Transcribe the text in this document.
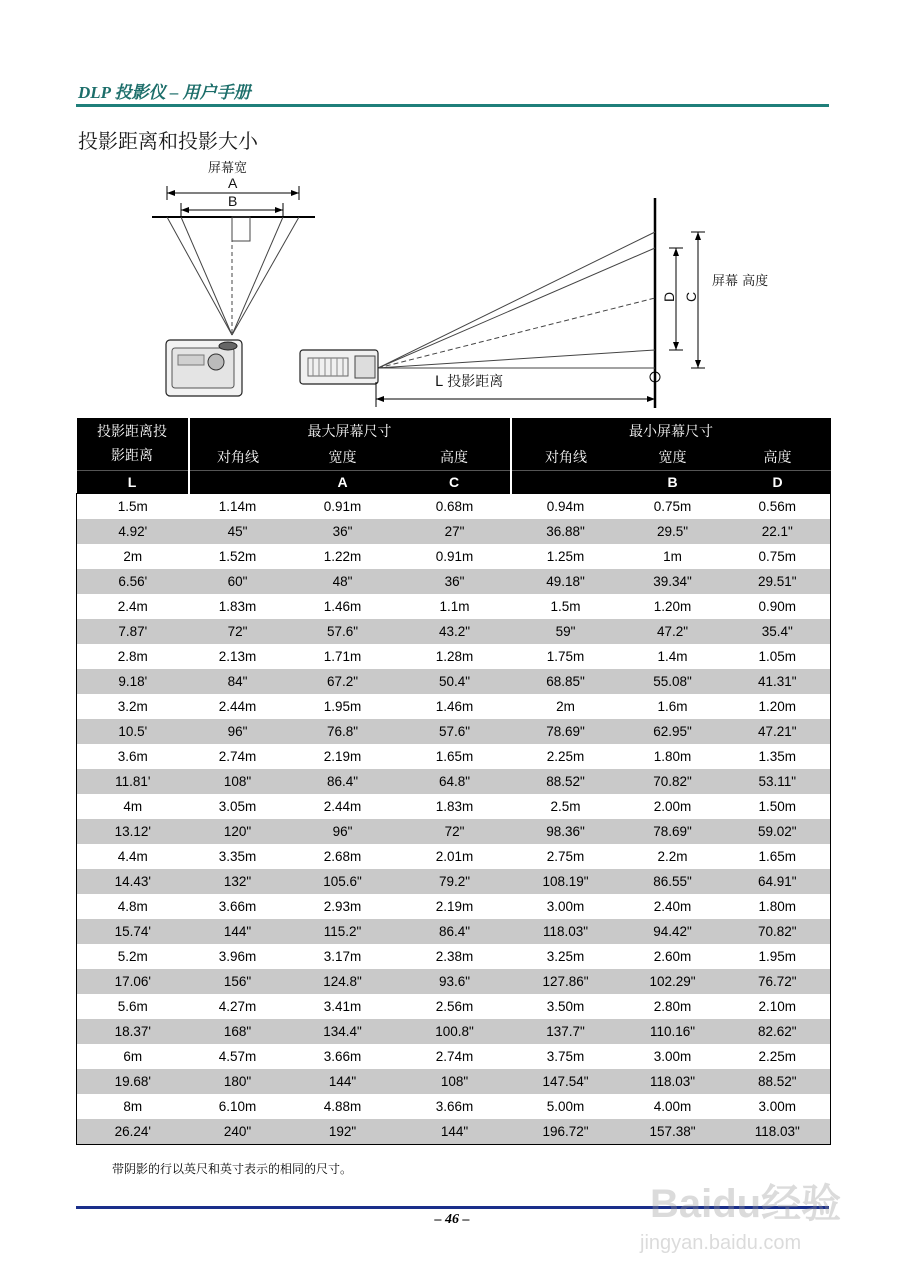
DLP 投影仪 – 用户手册
投影距离和投影大小
屏幕宽
A
B
D C
屏幕 高度
L 投影距离
投影距离投
影距离	最大屏幕尺寸			最小屏幕尺寸		
	对角线	宽度	高度	对角线	宽度	高度
L		A	C		B	D
1.5m	1.14m	0.91m	0.68m	0.94m	0.75m	0.56m
4.92'	45"	36"	27"	36.88"	29.5"	22.1"
2m	1.52m	1.22m	0.91m	1.25m	1m	0.75m
6.56'	60"	48"	36"	49.18"	39.34"	29.51"
2.4m	1.83m	1.46m	1.1m	1.5m	1.20m	0.90m
7.87'	72"	57.6"	43.2"	59"	47.2"	35.4"
2.8m	2.13m	1.71m	1.28m	1.75m	1.4m	1.05m
9.18'	84"	67.2"	50.4"	68.85"	55.08"	41.31"
3.2m	2.44m	1.95m	1.46m	2m	1.6m	1.20m
10.5'	96"	76.8"	57.6"	78.69"	62.95"	47.21"
3.6m	2.74m	2.19m	1.65m	2.25m	1.80m	1.35m
11.81'	108"	86.4"	64.8"	88.52"	70.82"	53.11"
4m	3.05m	2.44m	1.83m	2.5m	2.00m	1.50m
13.12'	120"	96"	72"	98.36"	78.69"	59.02"
4.4m	3.35m	2.68m	2.01m	2.75m	2.2m	1.65m
14.43'	132"	105.6"	79.2"	108.19"	86.55"	64.91"
4.8m	3.66m	2.93m	2.19m	3.00m	2.40m	1.80m
15.74'	144"	115.2"	86.4"	118.03"	94.42"	70.82"
5.2m	3.96m	3.17m	2.38m	3.25m	2.60m	1.95m
17.06'	156"	124.8"	93.6"	127.86"	102.29"	76.72"
5.6m	4.27m	3.41m	2.56m	3.50m	2.80m	2.10m
18.37'	168"	134.4"	100.8"	137.7"	110.16"	82.62"
6m	4.57m	3.66m	2.74m	3.75m	3.00m	2.25m
19.68'	180"	144"	108"	147.54"	118.03"	88.52"
8m	6.10m	4.88m	3.66m	5.00m	4.00m	3.00m
26.24'	240"	192"	144"	196.72"	157.38"	118.03"
带阴影的行以英尺和英寸表示的相同的尺寸。
– 46 –	Baidu经验
jingyan.baidu.com
